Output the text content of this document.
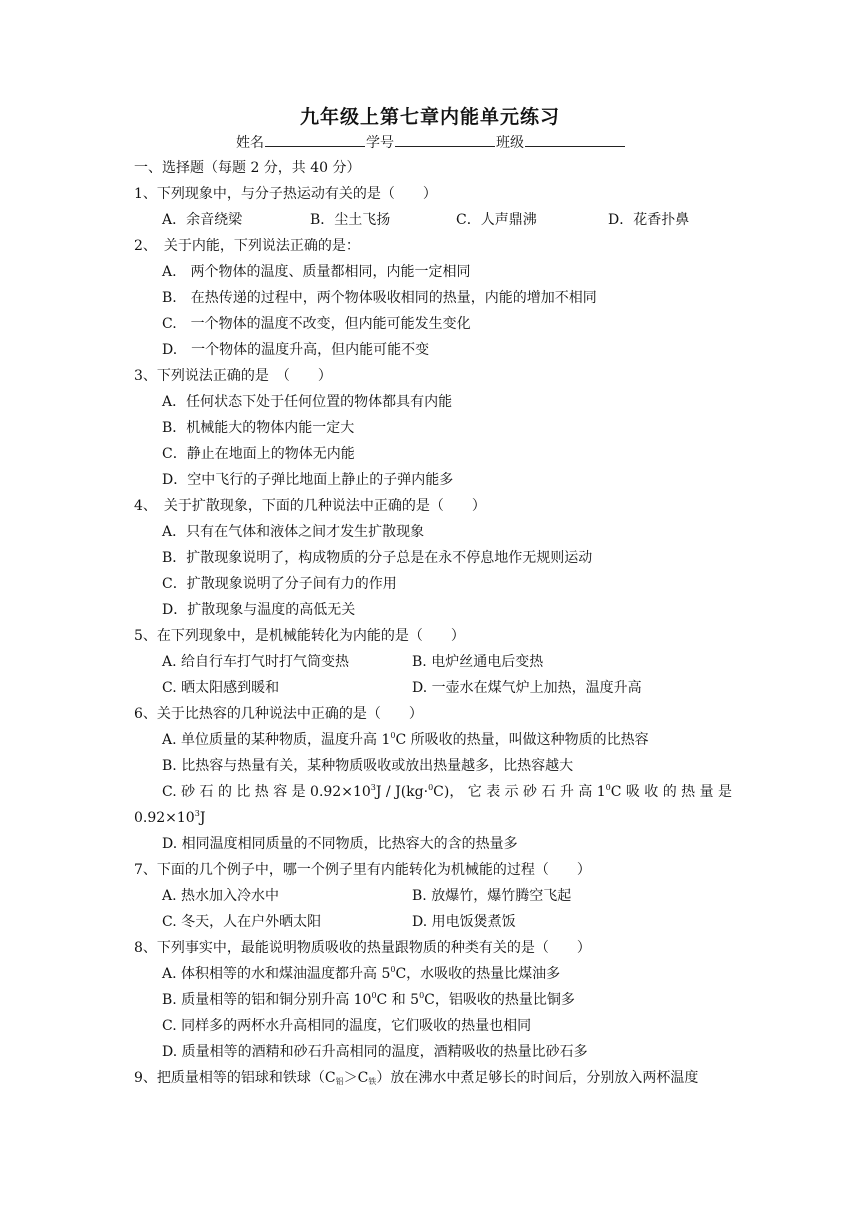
九年级上第七章内能单元练习
姓名	学号	班级
一、选择题（每题 2 分，共 40 分）
1、下列现象中，与分子热运动有关的是（　　）
A．余音绕梁	B．尘土飞扬	C．人声鼎沸	D．花香扑鼻
2、　关于内能，下列说法正确的是：
A.　两个物体的温度、质量都相同，内能一定相同
B.　在热传递的过程中，两个物体吸收相同的热量，内能的增加不相同
C.　一个物体的温度不改变，但内能可能发生变化
D.　一个物体的温度升高，但内能可能不变
3、下列说法正确的是　（　　）
A．任何状态下处于任何位置的物体都具有内能
B．机械能大的物体内能一定大
C．静止在地面上的物体无内能
D．空中飞行的子弹比地面上静止的子弹内能多
4、　关于扩散现象，下面的几种说法中正确的是（　　）
A．只有在气体和液体之间才发生扩散现象
B．扩散现象说明了，构成物质的分子总是在永不停息地作无规则运动
C．扩散现象说明了分子间有力的作用
D．扩散现象与温度的高低无关
5、在下列现象中，是机械能转化为内能的是（　　）
A. 给自行车打气时打气筒变热	B. 电炉丝通电后变热
C. 晒太阳感到暖和	D. 一壶水在煤气炉上加热，温度升高
6、关于比热容的几种说法中正确的是（　　）
A. 单位质量的某种物质，温度升高 $1^0C$ 所吸收的热量，叫做这种物质的比热容
B. 比热容与热量有关，某种物质吸收或放出热量越多，比热容越大
C. 砂 石 的 比 热 容 是 $0.92\times 10^3J / J(kg\cdot^0C)$， 它 表 示 砂 石 升 高 $1^0C$ 吸 收 的 热 量 是
$0.92\times 10^3J$
D. 相同温度相同质量的不同物质，比热容大的含的热量多
7、下面的几个例子中，哪一个例子里有内能转化为机械能的过程（　　）
A. 热水加入冷水中	B. 放爆竹，爆竹腾空飞起
C. 冬天，人在户外晒太阳	D. 用电饭煲煮饭
8、下列事实中，最能说明物质吸收的热量跟物质的种类有关的是（　　）
A. 体积相等的水和煤油温度都升高 $5^0C$，水吸收的热量比煤油多
B. 质量相等的铝和铜分别升高 $10^0C$ 和 $5^0C$，铝吸收的热量比铜多
C. 同样多的两杯水升高相同的温度，它们吸收的热量也相同
D. 质量相等的酒精和砂石升高相同的温度，酒精吸收的热量比砂石多
9、把质量相等的铝球和铁球$(C_铝>C_铁)$放在沸水中煮足够长的时间后，分别放入两杯温度
